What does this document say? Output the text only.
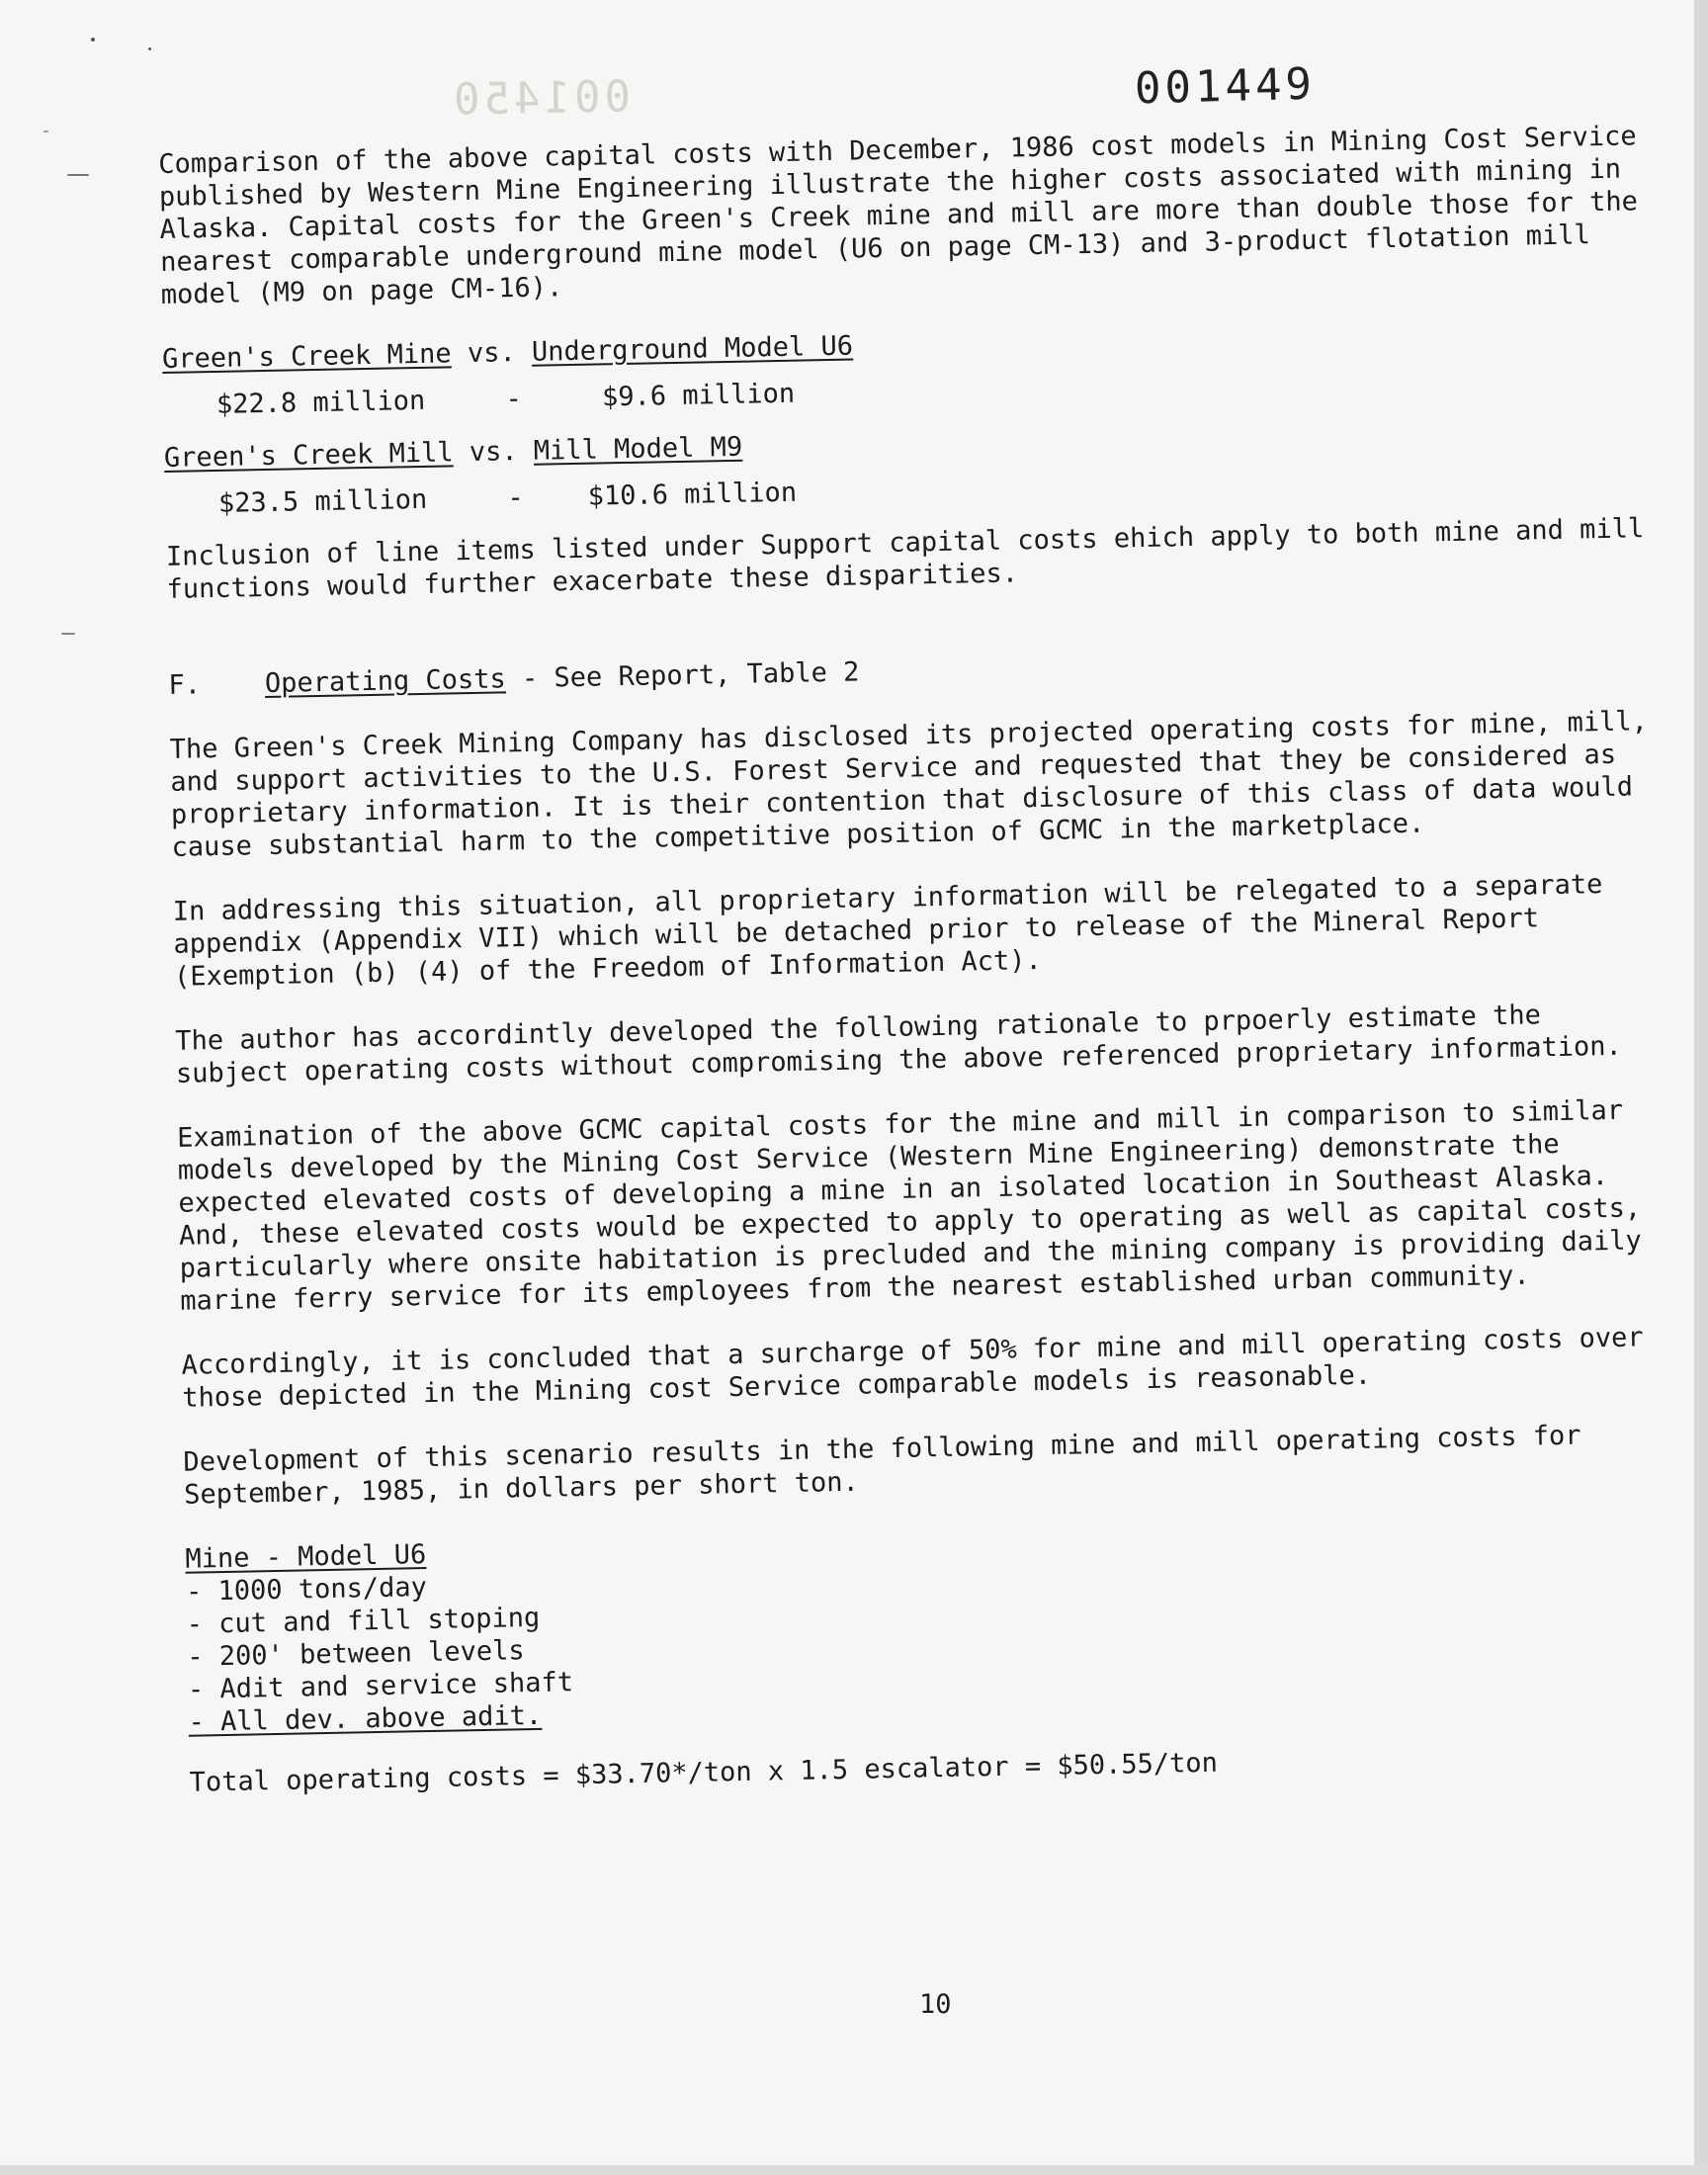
001450	001449

Comparison of the above capital costs with December, 1986 cost models in Mining Cost Service published by Western Mine Engineering illustrate the higher costs associated with mining in Alaska. Capital costs for the Green's Creek mine and mill are more than double those for the nearest comparable underground mine model (U6 on page CM-13) and 3-product flotation mill model (M9 on page CM-16).

Green's Creek Mine vs. Underground Model U6
$22.8 million	-	$9.6 million
Green's Creek Mill vs. Mill Model M9
$23.5 million	- $10.6 million

Inclusion of line items listed under Support capital costs ehich apply to both mine and mill functions would further exacerbate these disparities.

F. Operating Costs - See Report, Table 2

The Green's Creek Mining Company has disclosed its projected operating costs for mine, mill, and support activities to the U.S. Forest Service and requested that they be considered as proprietary information. It is their contention that disclosure of this class of data would cause substantial harm to the competitive position of GCMC in the marketplace.

In addressing this situation, all proprietary information will be relegated to a separate appendix (Appendix VII) which will be detached prior to release of the Mineral Report (Exemption (b) (4) of the Freedom of Information Act).

The author has accordintly developed the following rationale to prpoerly estimate the subject operating costs without compromising the above referenced proprietary information.

Examination of the above GCMC capital costs for the mine and mill in comparison to similar models developed by the Mining Cost Service (Western Mine Engineering) demonstrate the expected elevated costs of developing a mine in an isolated location in Southeast Alaska. And, these elevated costs would be expected to apply to operating as well as capital costs, particularly where onsite habitation is precluded and the mining company is providing daily marine ferry service for its employees from the nearest established urban community.

Accordingly, it is concluded that a surcharge of 50% for mine and mill operating costs over those depicted in the Mining cost Service comparable models is reasonable.

Development of this scenario results in the following mine and mill operating costs for September, 1985, in dollars per short ton.

Mine - Model U6
- 1000 tons/day
- cut and fill stoping
- 200' between levels
- Adit and service shaft
- All dev. above adit.
Total operating costs = $33.70*/ton x 1.5 escalator = $50.55/ton
10
